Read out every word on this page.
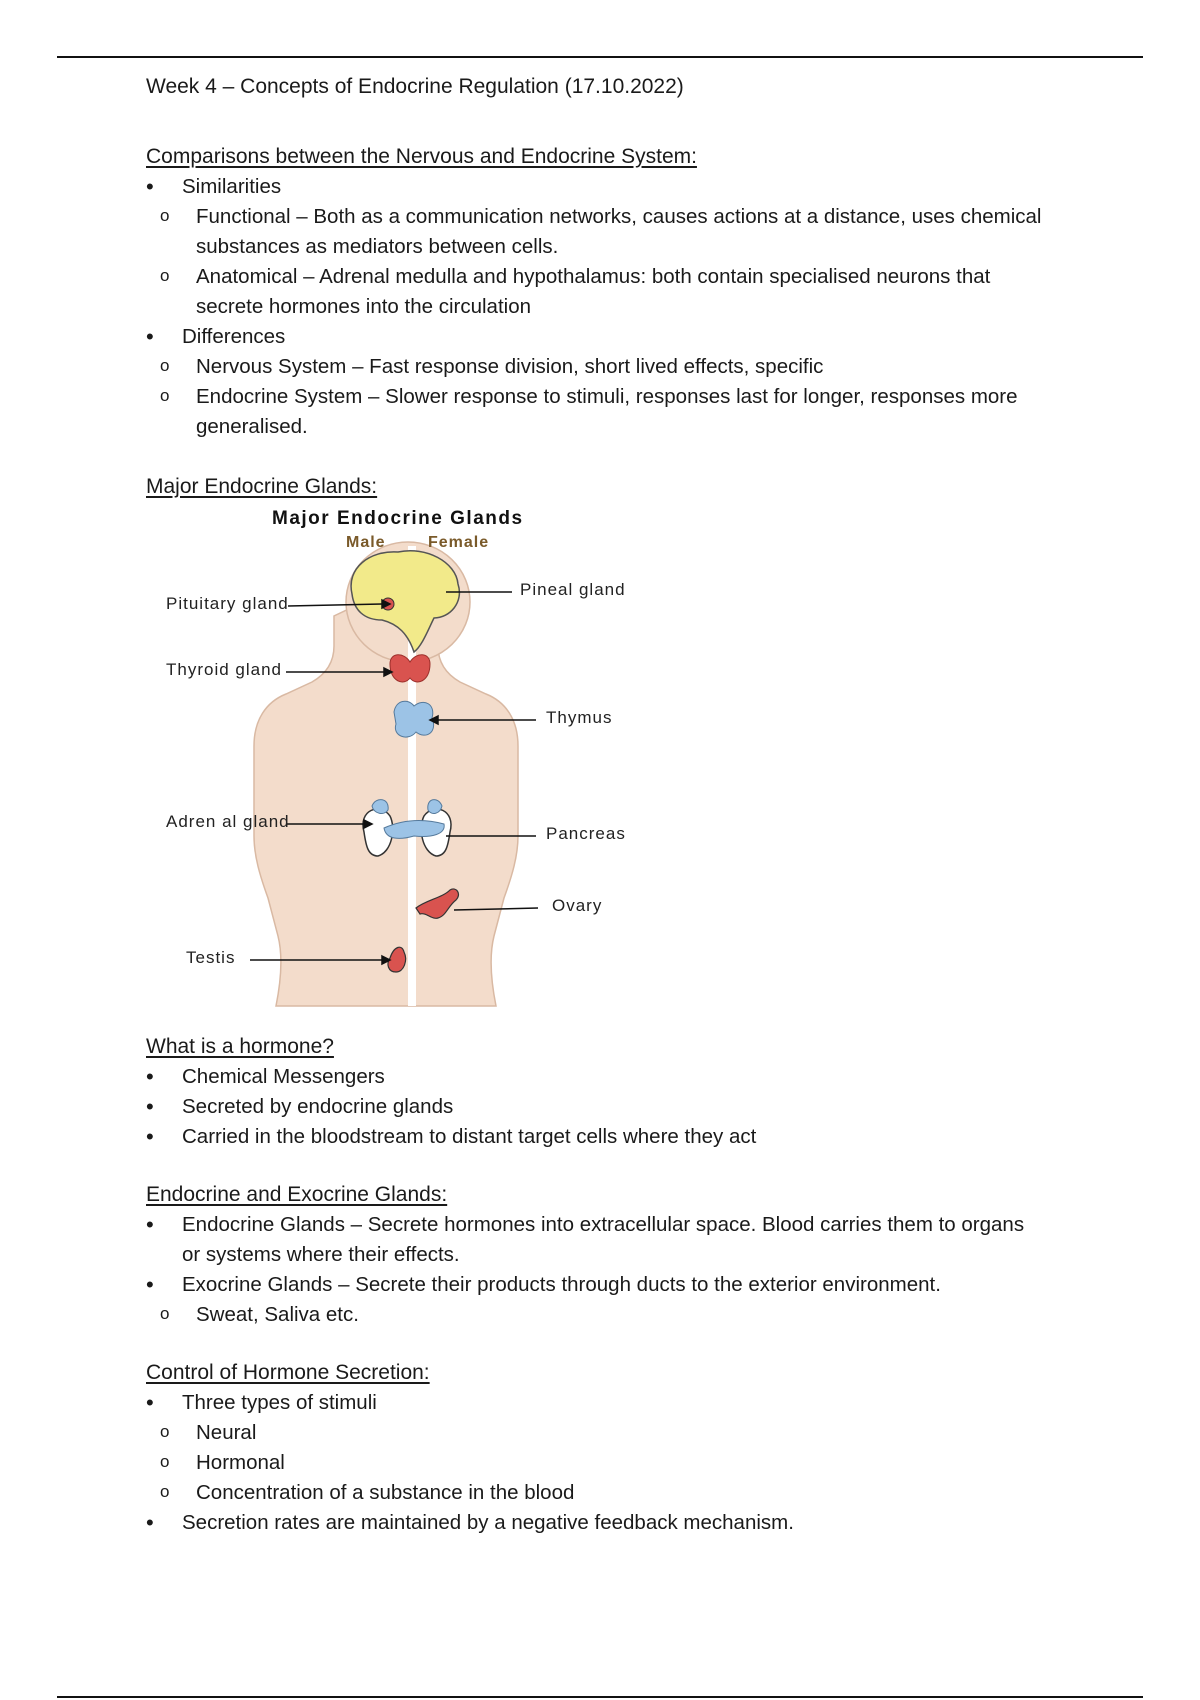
Week 4 – Concepts of Endocrine Regulation (17.10.2022)

Comparisons between the Nervous and Endocrine System:
• Similarities
o Functional – Both as a communication networks, causes actions at a distance, uses chemical substances as mediators between cells.
o Anatomical – Adrenal medulla and hypothalamus: both contain specialised neurons that secrete hormones into the circulation
• Differences
o Nervous System – Fast response division, short lived effects, specific
o Endocrine System – Slower response to stimuli, responses last for longer, responses more generalised.
Major Endocrine Glands:
Major Endocrine Glands
Male	Female
Pituitary gland
Pineal gland
Thyroid gland
Thymus
Adren al gland
Pancreas
Ovary
Testis
What is a hormone?
• Chemical Messengers
• Secreted by endocrine glands
• Carried in the bloodstream to distant target cells where they act
Endocrine and Exocrine Glands:
• Endocrine Glands – Secrete hormones into extracellular space. Blood carries them to organs or systems where their effects.
• Exocrine Glands – Secrete their products through ducts to the exterior environment.
o Sweat, Saliva etc.
Control of Hormone Secretion:
• Three types of stimuli
o Neural
o Hormonal
o Concentration of a substance in the blood
• Secretion rates are maintained by a negative feedback mechanism.
